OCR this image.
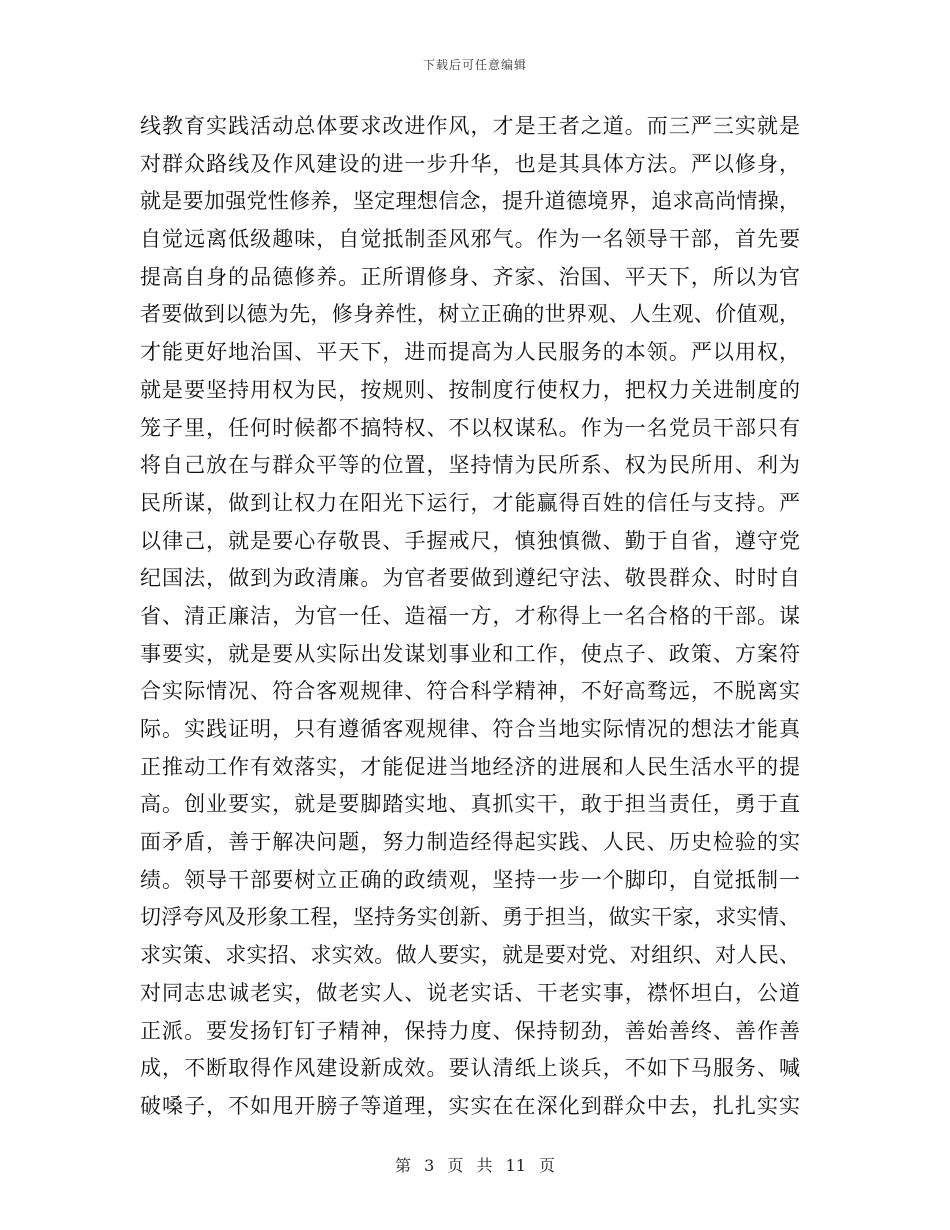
下载后可任意编辑
线教育实践活动总体要求改进作风，才是王者之道。而三严三实就是
对群众路线及作风建设的进一步升华，也是其具体方法。严以修身，
就是要加强党性修养，坚定理想信念，提升道德境界，追求高尚情操，
自觉远离低级趣味，自觉抵制歪风邪气。作为一名领导干部，首先要
提高自身的品德修养。正所谓修身、齐家、治国、平天下，所以为官
者要做到以德为先，修身养性，树立正确的世界观、人生观、价值观，
才能更好地治国、平天下，进而提高为人民服务的本领。严以用权，
就是要坚持用权为民，按规则、按制度行使权力，把权力关进制度的
笼子里，任何时候都不搞特权、不以权谋私。作为一名党员干部只有
将自己放在与群众平等的位置，坚持情为民所系、权为民所用、利为
民所谋，做到让权力在阳光下运行，才能赢得百姓的信任与支持。严
以律己，就是要心存敬畏、手握戒尺，慎独慎微、勤于自省，遵守党
纪国法，做到为政清廉。为官者要做到遵纪守法、敬畏群众、时时自
省、清正廉洁，为官一任、造福一方，才称得上一名合格的干部。谋
事要实，就是要从实际出发谋划事业和工作，使点子、政策、方案符
合实际情况、符合客观规律、符合科学精神，不好高骛远，不脱离实
际。实践证明，只有遵循客观规律、符合当地实际情况的想法才能真
正推动工作有效落实，才能促进当地经济的进展和人民生活水平的提
高。创业要实，就是要脚踏实地、真抓实干，敢于担当责任，勇于直
面矛盾，善于解决问题，努力制造经得起实践、人民、历史检验的实
绩。领导干部要树立正确的政绩观，坚持一步一个脚印，自觉抵制一
切浮夸风及形象工程，坚持务实创新、勇于担当，做实干家，求实情、
求实策、求实招、求实效。做人要实，就是要对党、对组织、对人民、
对同志忠诚老实，做老实人、说老实话、干老实事，襟怀坦白，公道
正派。要发扬钉钉子精神，保持力度、保持韧劲，善始善终、善作善
成，不断取得作风建设新成效。要认清纸上谈兵，不如下马服务、喊
破嗓子，不如甩开膀子等道理，实实在在深化到群众中去，扎扎实实
第 3 页 共 11 页
